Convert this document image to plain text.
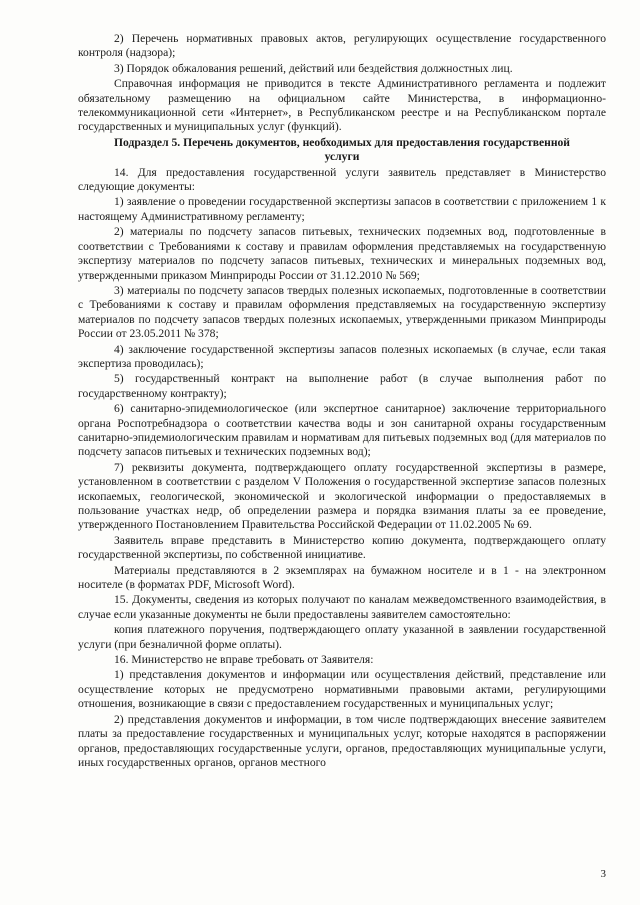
2) Перечень нормативных правовых актов, регулирующих осуществление государственного контроля (надзора);

3) Порядок обжалования решений, действий или бездействия должностных лиц.

Справочная информация не приводится в тексте Административного регламента и подлежит обязательному размещению на официальном сайте Министерства, в информационно-телекоммуникационной сети «Интернет», в Республиканском реестре и на Республиканском портале государственных и муниципальных услуг (функций).

Подраздел 5. Перечень документов, необходимых для предоставления государственной услуги

14. Для предоставления государственной услуги заявитель представляет в Министерство следующие документы:

1) заявление о проведении государственной экспертизы запасов в соответствии с приложением 1 к настоящему Административному регламенту;

2) материалы по подсчету запасов питьевых, технических подземных вод, подготовленные в соответствии с Требованиями к составу и правилам оформления представляемых на государственную экспертизу материалов по подсчету запасов питьевых, технических и минеральных подземных вод, утвержденными приказом Минприроды России от 31.12.2010 № 569;

3) материалы по подсчету запасов твердых полезных ископаемых, подготовленные в соответствии с Требованиями к составу и правилам оформления представляемых на государственную экспертизу материалов по подсчету запасов твердых полезных ископаемых, утвержденными приказом Минприроды России от 23.05.2011 № 378;

4) заключение государственной экспертизы запасов полезных ископаемых (в случае, если такая экспертиза проводилась);

5) государственный контракт на выполнение работ (в случае выполнения работ по государственному контракту);

6) санитарно-эпидемиологическое (или экспертное санитарное) заключение территориального органа Роспотребнадзора о соответствии качества воды и зон санитарной охраны государственным санитарно-эпидемиологическим правилам и нормативам для питьевых подземных вод (для материалов по подсчету запасов питьевых и технических подземных вод);

7) реквизиты документа, подтверждающего оплату государственной экспертизы в размере, установленном в соответствии с разделом V Положения о государственной экспертизе запасов полезных ископаемых, геологической, экономической и экологической информации о предоставляемых в пользование участках недр, об определении размера и порядка взимания платы за ее проведение, утвержденного Постановлением Правительства Российской Федерации от 11.02.2005 № 69.

Заявитель вправе представить в Министерство копию документа, подтверждающего оплату государственной экспертизы, по собственной инициативе.

Материалы представляются в 2 экземплярах на бумажном носителе и в 1 - на электронном носителе (в форматах PDF, Microsoft Word).

15. Документы, сведения из которых получают по каналам межведомственного взаимодействия, в случае если указанные документы не были предоставлены заявителем самостоятельно:

копия платежного поручения, подтверждающего оплату указанной в заявлении государственной услуги (при безналичной форме оплаты).

16. Министерство не вправе требовать от Заявителя:

1) представления документов и информации или осуществления действий, представление или осуществление которых не предусмотрено нормативными правовыми актами, регулирующими отношения, возникающие в связи с предоставлением государственных и муниципальных услуг;

2) представления документов и информации, в том числе подтверждающих внесение заявителем платы за предоставление государственных и муниципальных услуг, которые находятся в распоряжении органов, предоставляющих государственные услуги, органов, предоставляющих муниципальные услуги, иных государственных органов, органов местного

3
